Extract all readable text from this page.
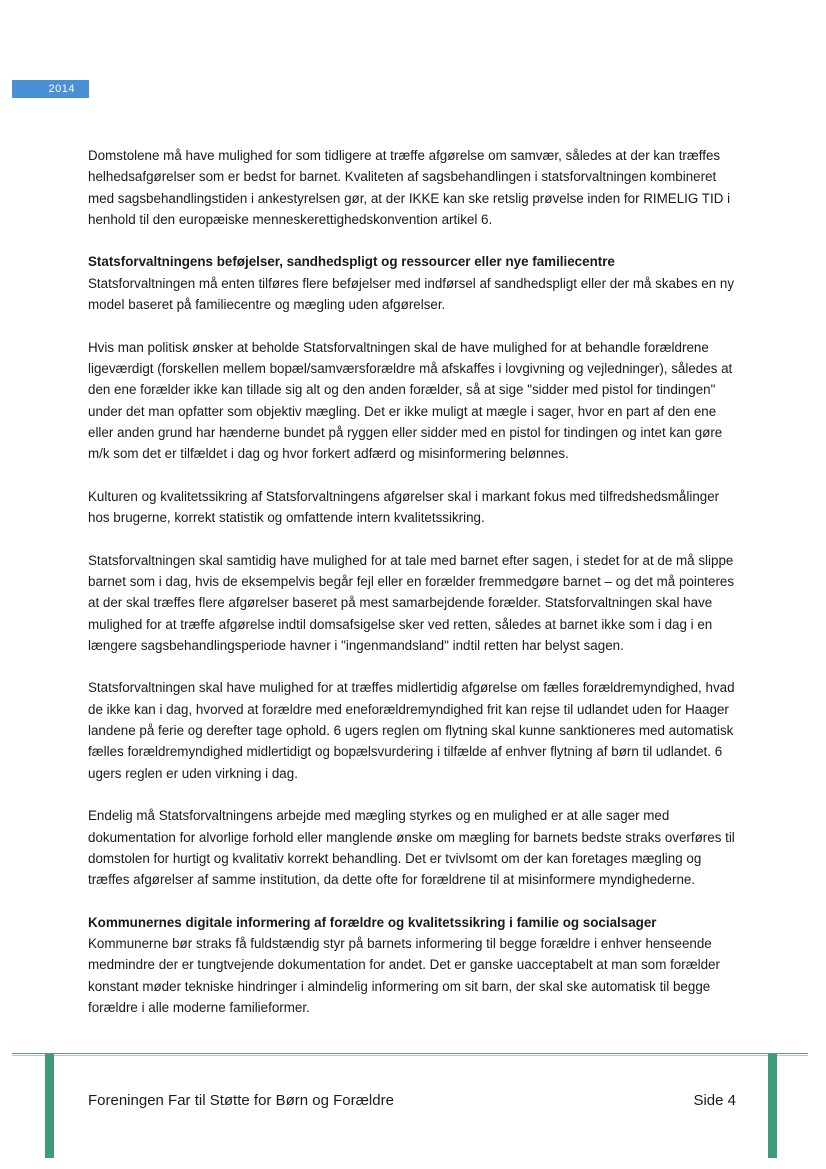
2014

Domstolene må have mulighed for som tidligere at træffe afgørelse om samvær, således at der kan træffes helhedsafgørelser som er bedst for barnet. Kvaliteten af sagsbehandlingen i statsforvaltningen kombineret med sagsbehandlingstiden i ankestyrelsen gør, at der IKKE kan ske retslig prøvelse inden for RIMELIG TID i henhold til den europæiske menneskerettighedskonvention artikel 6.

Statsforvaltningens beføjelser, sandhedspligt og ressourcer eller nye familiecentre
Statsforvaltningen må enten tilføres flere beføjelser med indførsel af sandhedspligt eller der må skabes en ny model baseret på familiecentre og mægling uden afgørelser.

Hvis man politisk ønsker at beholde Statsforvaltningen skal de have mulighed for at behandle forældrene ligeværdigt (forskellen mellem bopæl/samværsforældre må afskaffes i lovgivning og vejledninger), således at den ene forælder ikke kan tillade sig alt og den anden forælder, så at sige "sidder med pistol for tindingen" under det man opfatter som objektiv mægling. Det er ikke muligt at mægle i sager, hvor en part af den ene eller anden grund har hænderne bundet på ryggen eller sidder med en pistol for tindingen og intet kan gøre m/k som det er tilfældet i dag og hvor forkert adfærd og misinformering belønnes.

Kulturen og kvalitetssikring af Statsforvaltningens afgørelser skal i markant fokus med tilfredshedsmålinger hos brugerne, korrekt statistik og omfattende intern kvalitetssikring.

Statsforvaltningen skal samtidig have mulighed for at tale med barnet efter sagen, i stedet for at de må slippe barnet som i dag, hvis de eksempelvis begår fejl eller en forælder fremmedgøre barnet – og det må pointeres at der skal træffes flere afgørelser baseret på mest samarbejdende forælder. Statsforvaltningen skal have mulighed for at træffe afgørelse indtil domsafsigelse sker ved retten, således at barnet ikke som i dag i en længere sagsbehandlingsperiode havner i "ingenmandsland" indtil retten har belyst sagen.

Statsforvaltningen skal have mulighed for at træffes midlertidig afgørelse om fælles forældremyndighed, hvad de ikke kan i dag, hvorved at forældre med eneforældremyndighed frit kan rejse til udlandet uden for Haager landene på ferie og derefter tage ophold. 6 ugers reglen om flytning skal kunne sanktioneres med automatisk fælles forældremyndighed midlertidigt og bopælsvurdering i tilfælde af enhver flytning af børn til udlandet. 6 ugers reglen er uden virkning i dag.

Endelig må Statsforvaltningens arbejde med mægling styrkes og en mulighed er at alle sager med dokumentation for alvorlige forhold eller manglende ønske om mægling for barnets bedste straks overføres til domstolen for hurtigt og kvalitativ korrekt behandling. Det er tvivlsomt om der kan foretages mægling og træffes afgørelser af samme institution, da dette ofte for forældrene til at misinformere myndighederne.

Kommunernes digitale informering af forældre og kvalitetssikring i familie og socialsager
Kommunerne bør straks få fuldstændig styr på barnets informering til begge forældre i enhver henseende medmindre der er tungtvejende dokumentation for andet. Det er ganske uacceptabelt at man som forælder konstant møder tekniske hindringer i almindelig informering om sit barn, der skal ske automatisk til begge forældre i alle moderne familieformer.

Foreningen Far til Støtte for Børn og Forældre	Side 4
